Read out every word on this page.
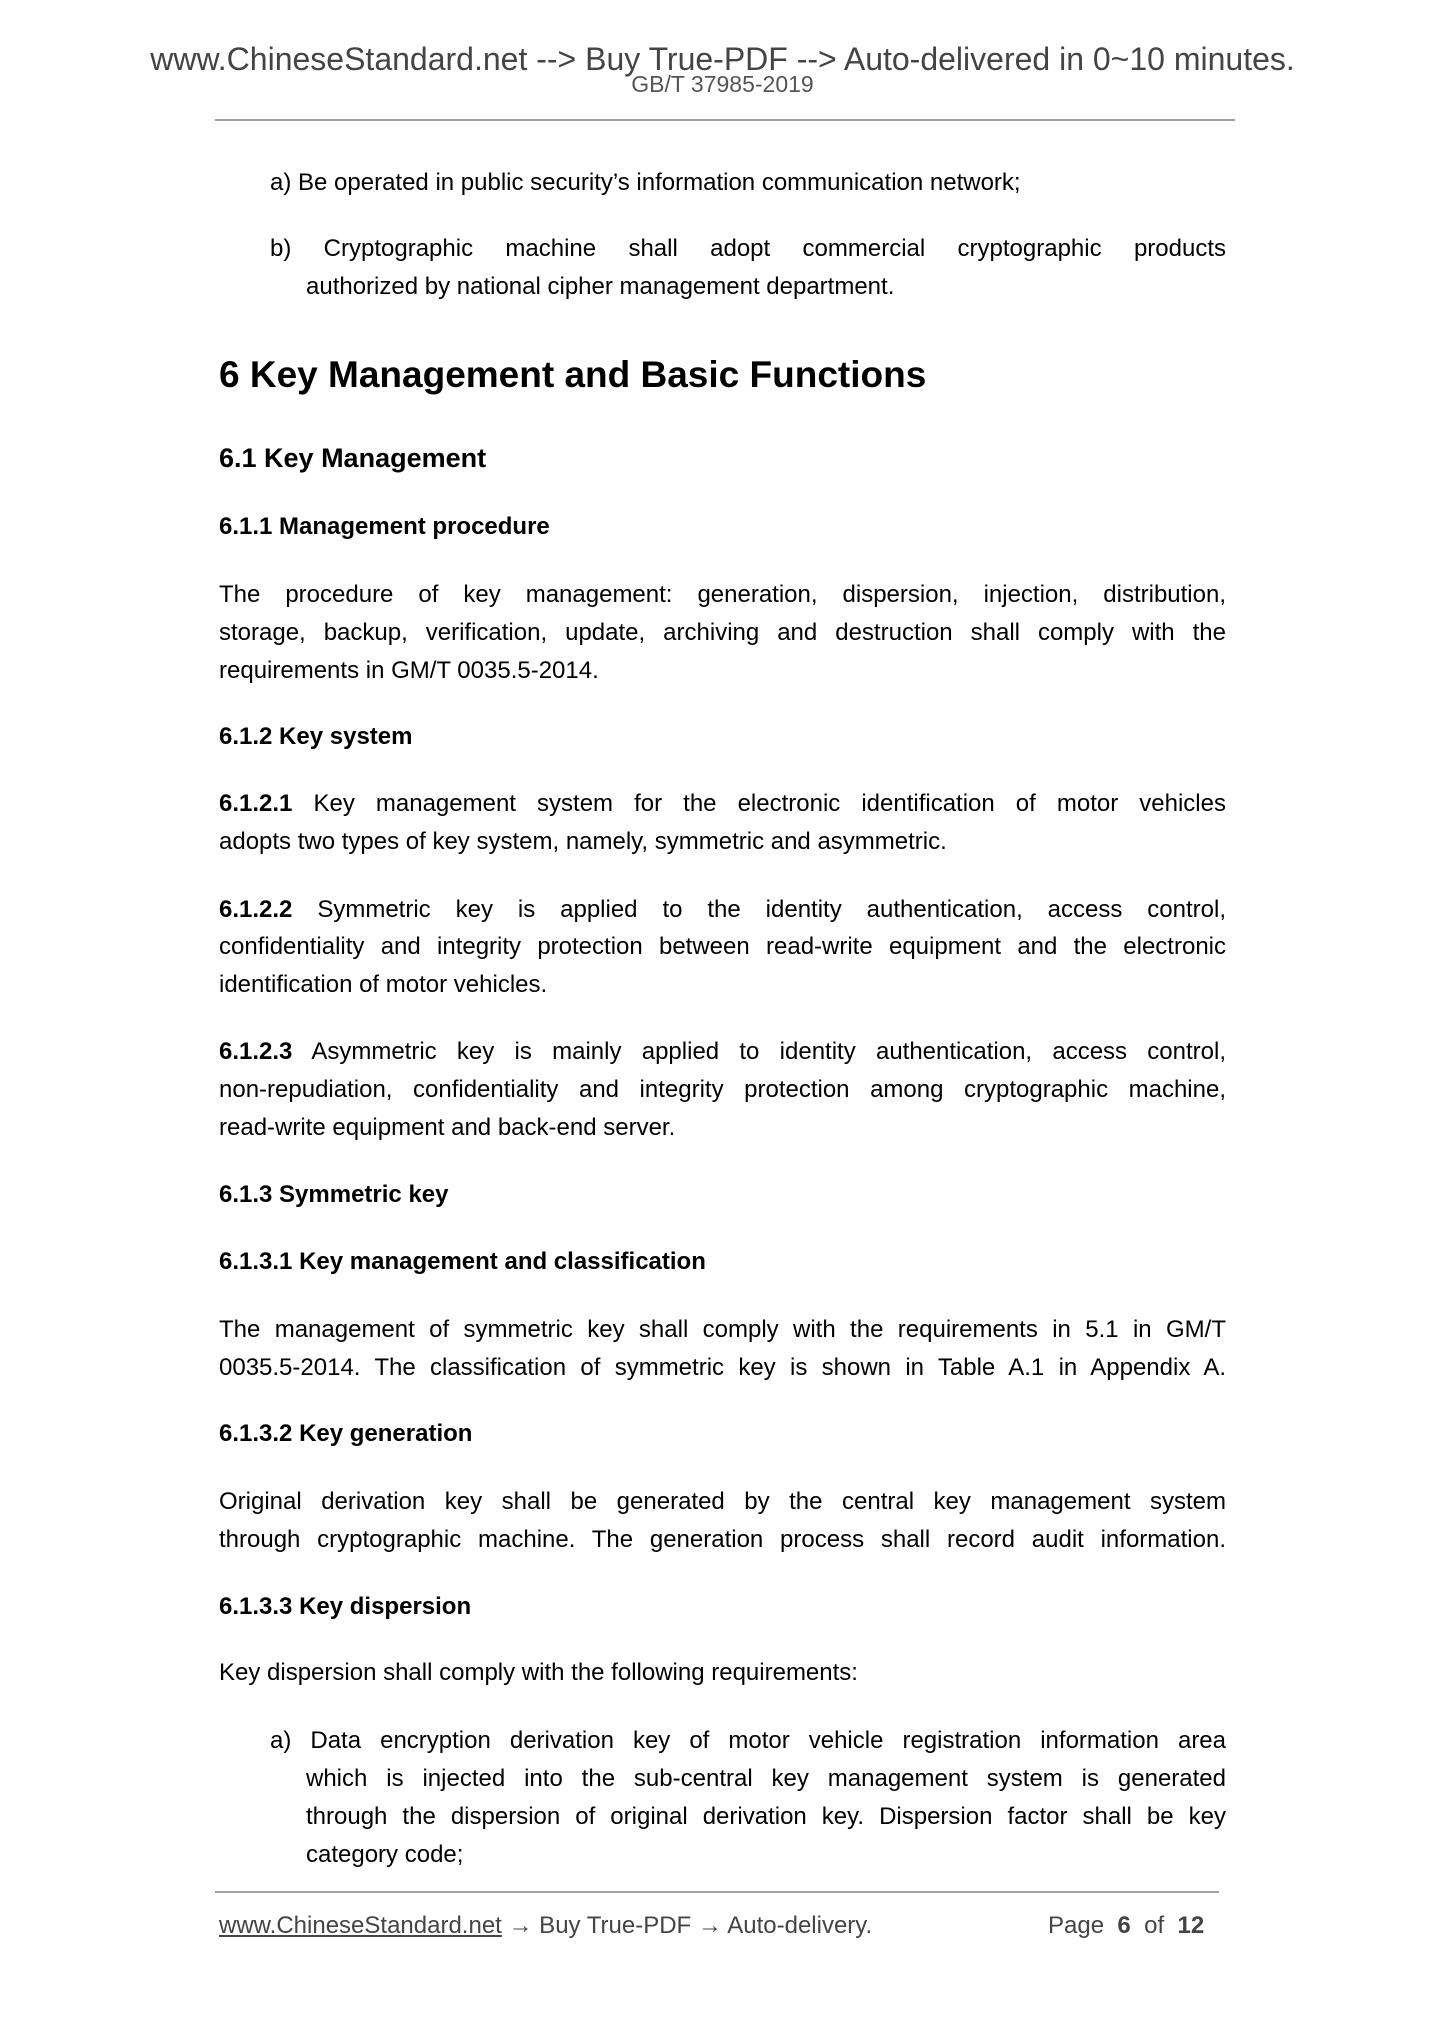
www.ChineseStandard.net --> Buy True-PDF --> Auto-delivered in 0~10 minutes.
GB/T 37985-2019
a) Be operated in public security’s information communication network;
b) Cryptographic machine shall adopt commercial cryptographic products
authorized by national cipher management department.
6 Key Management and Basic Functions
6.1 Key Management
6.1.1 Management procedure
The procedure of key management: generation, dispersion, injection, distribution,
storage, backup, verification, update, archiving and destruction shall comply with the
requirements in GM/T 0035.5-2014.
6.1.2 Key system
6.1.2.1 Key management system for the electronic identification of motor vehicles
adopts two types of key system, namely, symmetric and asymmetric.
6.1.2.2 Symmetric key is applied to the identity authentication, access control,
confidentiality and integrity protection between read-write equipment and the electronic
identification of motor vehicles.
6.1.2.3 Asymmetric key is mainly applied to identity authentication, access control,
non-repudiation, confidentiality and integrity protection among cryptographic machine,
read-write equipment and back-end server.
6.1.3 Symmetric key
6.1.3.1 Key management and classification
The management of symmetric key shall comply with the requirements in 5.1 in GM/T
0035.5-2014. The classification of symmetric key is shown in Table A.1 in Appendix A.
6.1.3.2 Key generation
Original derivation key shall be generated by the central key management system
through cryptographic machine. The generation process shall record audit information.
6.1.3.3 Key dispersion
Key dispersion shall comply with the following requirements:
a) Data encryption derivation key of motor vehicle registration information area
which is injected into the sub-central key management system is generated
through the dispersion of original derivation key. Dispersion factor shall be key
category code;
www.ChineseStandard.net → Buy True-PDF → Auto-delivery.	Page 6 of 12
